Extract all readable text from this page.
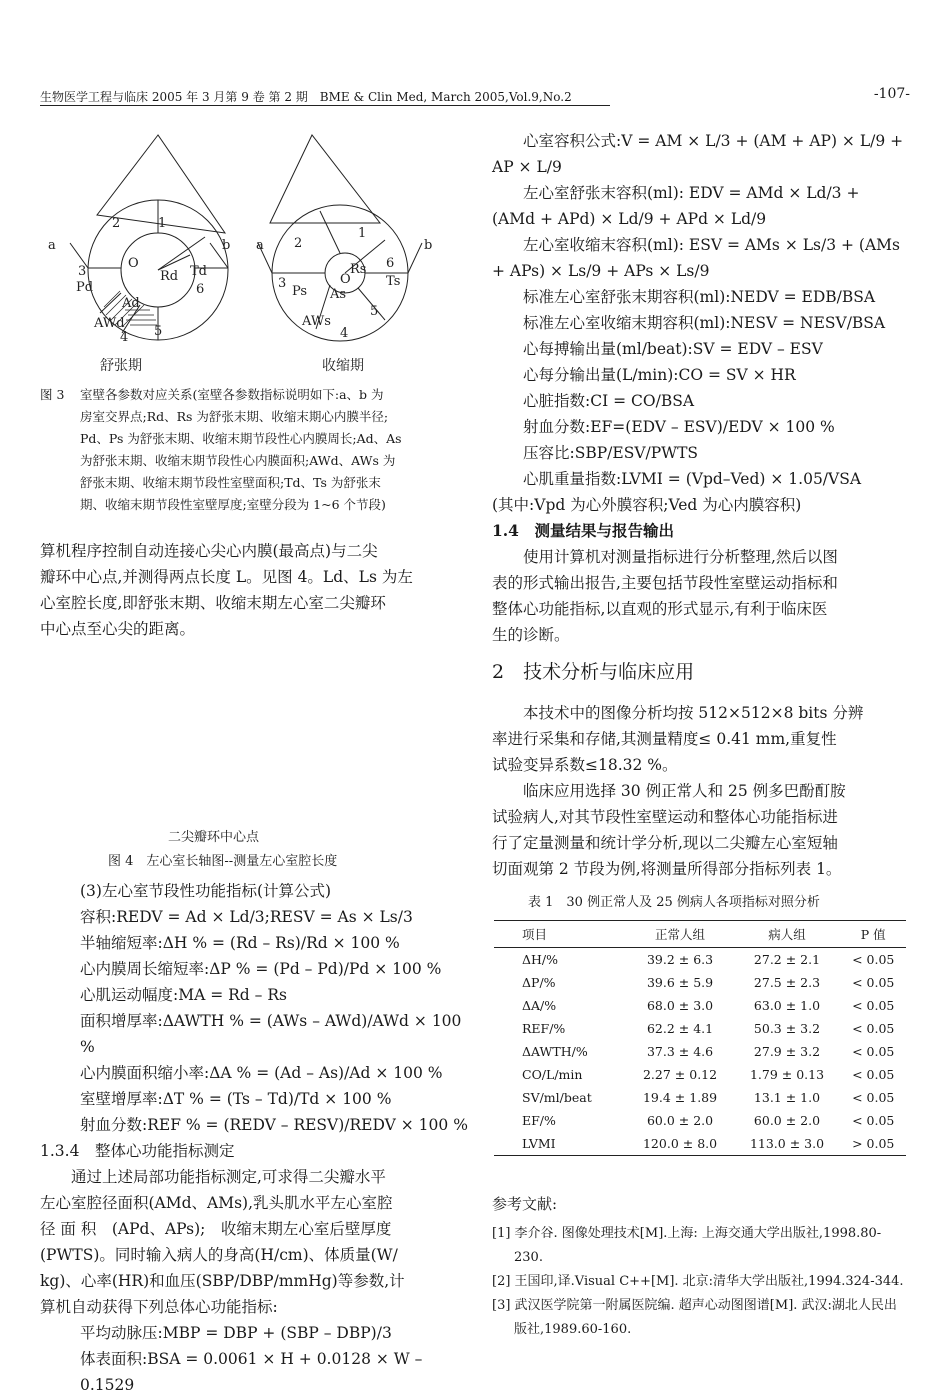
生物医学工程与临床 2005 年 3 月第 9 卷 第 2 期　BME & Clin Med, March 2005,Vol.9,No.2	-107-
a	b
2	1
3
6
4 5
O
Rd Td
Pd
Ad
AWd
舒张期
a	b
2
1
3
6
4
5
O
Rs
Ts
Ps As
AWs
收缩期
图 3 室壁各参数对应关系(室壁各参数指标说明如下:a、b 为
房室交界点;Rd、Rs 为舒张末期、收缩末期心内膜半径;
Pd、Ps 为舒张末期、收缩末期节段性心内膜周长;Ad、As
为舒张末期、收缩末期节段性心内膜面积;AWd、AWs 为
舒张末期、收缩末期节段性室壁面积;Td、Ts 为舒张末
期、收缩末期节段性室壁厚度;室壁分段为 1~6 个节段)

算机程序控制自动连接心尖心内膜(最高点)与二尖

瓣环中心点,并测得两点长度 L。见图 4。Ld、Ls 为左

心室腔长度,即舒张末期、收缩末期左心室二尖瓣环

中心点至心尖的距离。

二尖瓣环中心点
图 4　左心室长轴图--测量左心室腔长度

(3)左心室节段性功能指标(计算公式)

容积:REDV = Ad × Ld/3;RESV = As × Ls/3

半轴缩短率:ΔH % = (Rd – Rs)/Rd × 100 %

心内膜周长缩短率:ΔP % = (Pd – Pd)/Pd × 100 %

心肌运动幅度:MA = Rd – Rs

面积增厚率:ΔAWTH % = (AWs – AWd)/AWd × 100 %

心内膜面积缩小率:ΔA % = (Ad – As)/Ad × 100 %

室壁增厚率:ΔT % = (Ts – Td)/Td × 100 %

射血分数:REF % = (REDV – RESV)/REDV × 100 %

1.3.4　整体心功能指标测定

通过上述局部功能指标测定,可求得二尖瓣水平

左心室腔径面积(AMd、AMs),乳头肌水平左心室腔

径 面 积　(APd、APs);　收缩末期左心室后壁厚度

(PWTS)。同时输入病人的身高(H/cm)、体质量(W/

kg)、心率(HR)和血压(SBP/DBP/mmHg)等参数,计

算机自动获得下列总体心功能指标:

平均动脉压:MBP = DBP + (SBP – DBP)/3

体表面积:BSA = 0.0061 × H + 0.0128 × W – 0.1529

心室容积公式:V = AM × L/3 + (AM + AP) × L/9 +

AP × L/9

左心室舒张末容积(ml): EDV = AMd × Ld/3 +

(AMd + APd) × Ld/9 + APd × Ld/9

左心室收缩末容积(ml): ESV = AMs × Ls/3 + (AMs

+ APs) × Ls/9 + APs × Ls/9

标准左心室舒张末期容积(ml):NEDV = EDB/BSA

标准左心室收缩末期容积(ml):NESV = NESV/BSA

心每搏输出量(ml/beat):SV = EDV – ESV

心每分输出量(L/min):CO = SV × HR

心脏指数:CI = CO/BSA

射血分数:EF=(EDV – ESV)/EDV × 100 %

压容比:SBP/ESV/PWTS

心肌重量指数:LVMI = (Vpd–Ved) × 1.05/VSA

(其中:Vpd 为心外膜容积;Ved 为心内膜容积)

1.4　测量结果与报告输出

使用计算机对测量指标进行分析整理,然后以图

表的形式输出报告,主要包括节段性室壁运动指标和

整体心功能指标,以直观的形式显示,有利于临床医

生的诊断。

2　技术分析与临床应用

本技术中的图像分析均按 512×512×8 bits 分辨

率进行采集和存储,其测量精度≤ 0.41 mm,重复性

试验变异系数≤18.32 %。

临床应用选择 30 例正常人和 25 例多巴酚酊胺

试验病人,对其节段性室壁运动和整体心功能指标进

行了定量测量和统计学分析,现以二尖瓣左心室短轴

切面观第 2 节段为例,将测量所得部分指标列表 1。

表 1　30 例正常人及 25 例病人各项指标对照分析
项目	正常人组	病人组	P 值
ΔH/%	39.2 ± 6.3	27.2 ± 2.1	< 0.05
ΔP/%	39.6 ± 5.9	27.5 ± 2.3	< 0.05
ΔA/%	68.0 ± 3.0	63.0 ± 1.0	< 0.05
REF/%	62.2 ± 4.1	50.3 ± 3.2	< 0.05
ΔAWTH/%	37.3 ± 4.6	27.9 ± 3.2	< 0.05
CO/L/min	2.27 ± 0.12	1.79 ± 0.13	< 0.05
SV/ml/beat	19.4 ± 1.89	13.1 ± 1.0	< 0.05
EF/%	60.0 ± 2.0	60.0 ± 2.0	< 0.05
LVMI	120.0 ± 8.0	113.0 ± 3.0	> 0.05
参考文献:

[1] 李介谷. 图像处理技术[M].上海: 上海交通大学出版社,1998.80-230.

[2] 王国印,译.Visual C++[M]. 北京:清华大学出版社,1994.324-344.

[3] 武汉医学院第一附属医院编. 超声心动图图谱[M]. 武汉:湖北人民出版社,1989.60-160.
